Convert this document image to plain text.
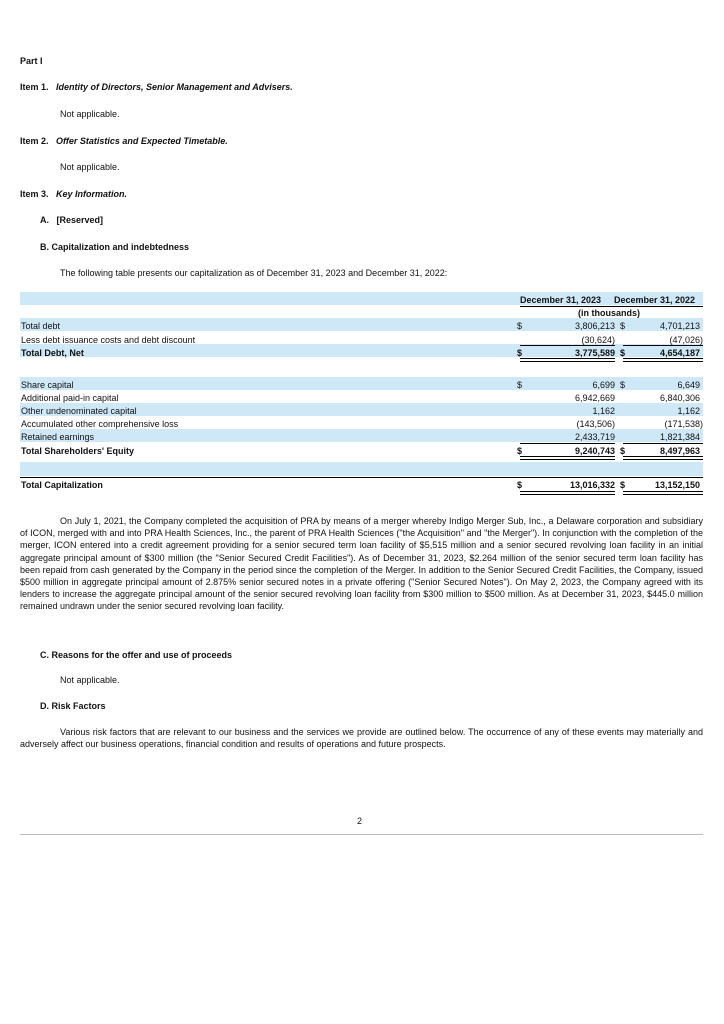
Part I
Item 1. Identity of Directors, Senior Management and Advisers.
Not applicable.
Item 2. Offer Statistics and Expected Timetable.
Not applicable.
Item 3. Key Information.
A. [Reserved]
B. Capitalization and indebtedness
The following table presents our capitalization as of December 31, 2023 and December 31, 2022:
December 31, 2023 December 31, 2022
(in thousands)
Total debt	$	3,806,213 $	4,701,213
Less debt issuance costs and debt discount	(30,624)	(47,026)
Total Debt, Net	$	3,775,589 $	4,654,187
Share capital	$	6,699 $	6,649
Additional paid-in capital	6,942,669	6,840,306
Other undenominated capital	1,162	1,162
Accumulated other comprehensive loss	(143,506)	(171,538)
Retained earnings	2,433,719	1,821,384
Total Shareholders' Equity	$	9,240,743 $	8,497,963
Total Capitalization	$	13,016,332 $	13,152,150
On July 1, 2021, the Company completed the acquisition of PRA by means of a merger whereby Indigo Merger Sub, Inc., a Delaware corporation and subsidiary of ICON, merged with and into PRA Health Sciences, Inc., the parent of PRA Health Sciences ("the Acquisition" and "the Merger"). In conjunction with the completion of the merger, ICON entered into a credit agreement providing for a senior secured term loan facility of $5,515 million and a senior secured revolving loan facility in an initial aggregate principal amount of $300 million (the "Senior Secured Credit Facilities"). As of December 31, 2023, $2.264 million of the senior secured term loan facility has been repaid from cash generated by the Company in the period since the completion of the Merger. In addition to the Senior Secured Credit Facilities, the Company, issued $500 million in aggregate principal amount of 2.875% senior secured notes in a private offering ("Senior Secured Notes"). On May 2, 2023, the Company agreed with its lenders to increase the aggregate principal amount of the senior secured revolving loan facility from $300 million to $500 million. As at December 31, 2023, $445.0 million remained undrawn under the senior secured revolving loan facility.
C. Reasons for the offer and use of proceeds
Not applicable.
D. Risk Factors
Various risk factors that are relevant to our business and the services we provide are outlined below. The occurrence of any of these events may materially and adversely affect our business operations, financial condition and results of operations and future prospects.
2
